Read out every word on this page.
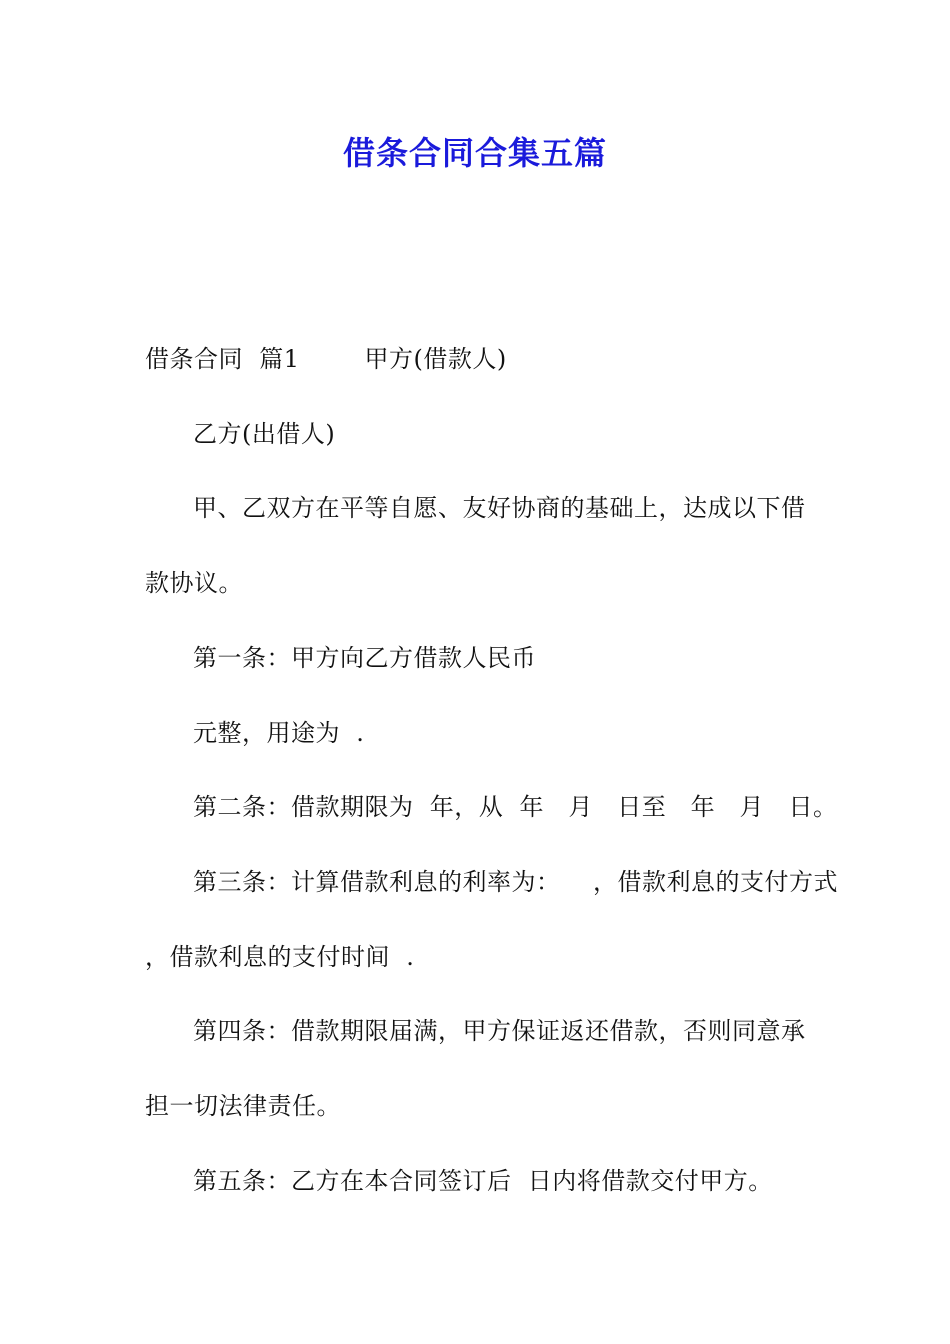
借条合同合集五篇
借条合同  篇1        甲方(借款人)
乙方(出借人)
甲、乙双方在平等自愿、友好协商的基础上，达成以下借
款协议。
第一条：甲方向乙方借款人民币
元整，用途为  .
第二条：借款期限为  年，从  年   月   日至   年   月   日。
第三条：计算借款利息的利率为：    ，借款利息的支付方式
，借款利息的支付时间  .
第四条：借款期限届满，甲方保证返还借款，否则同意承
担一切法律责任。
第五条：乙方在本合同签订后  日内将借款交付甲方。
